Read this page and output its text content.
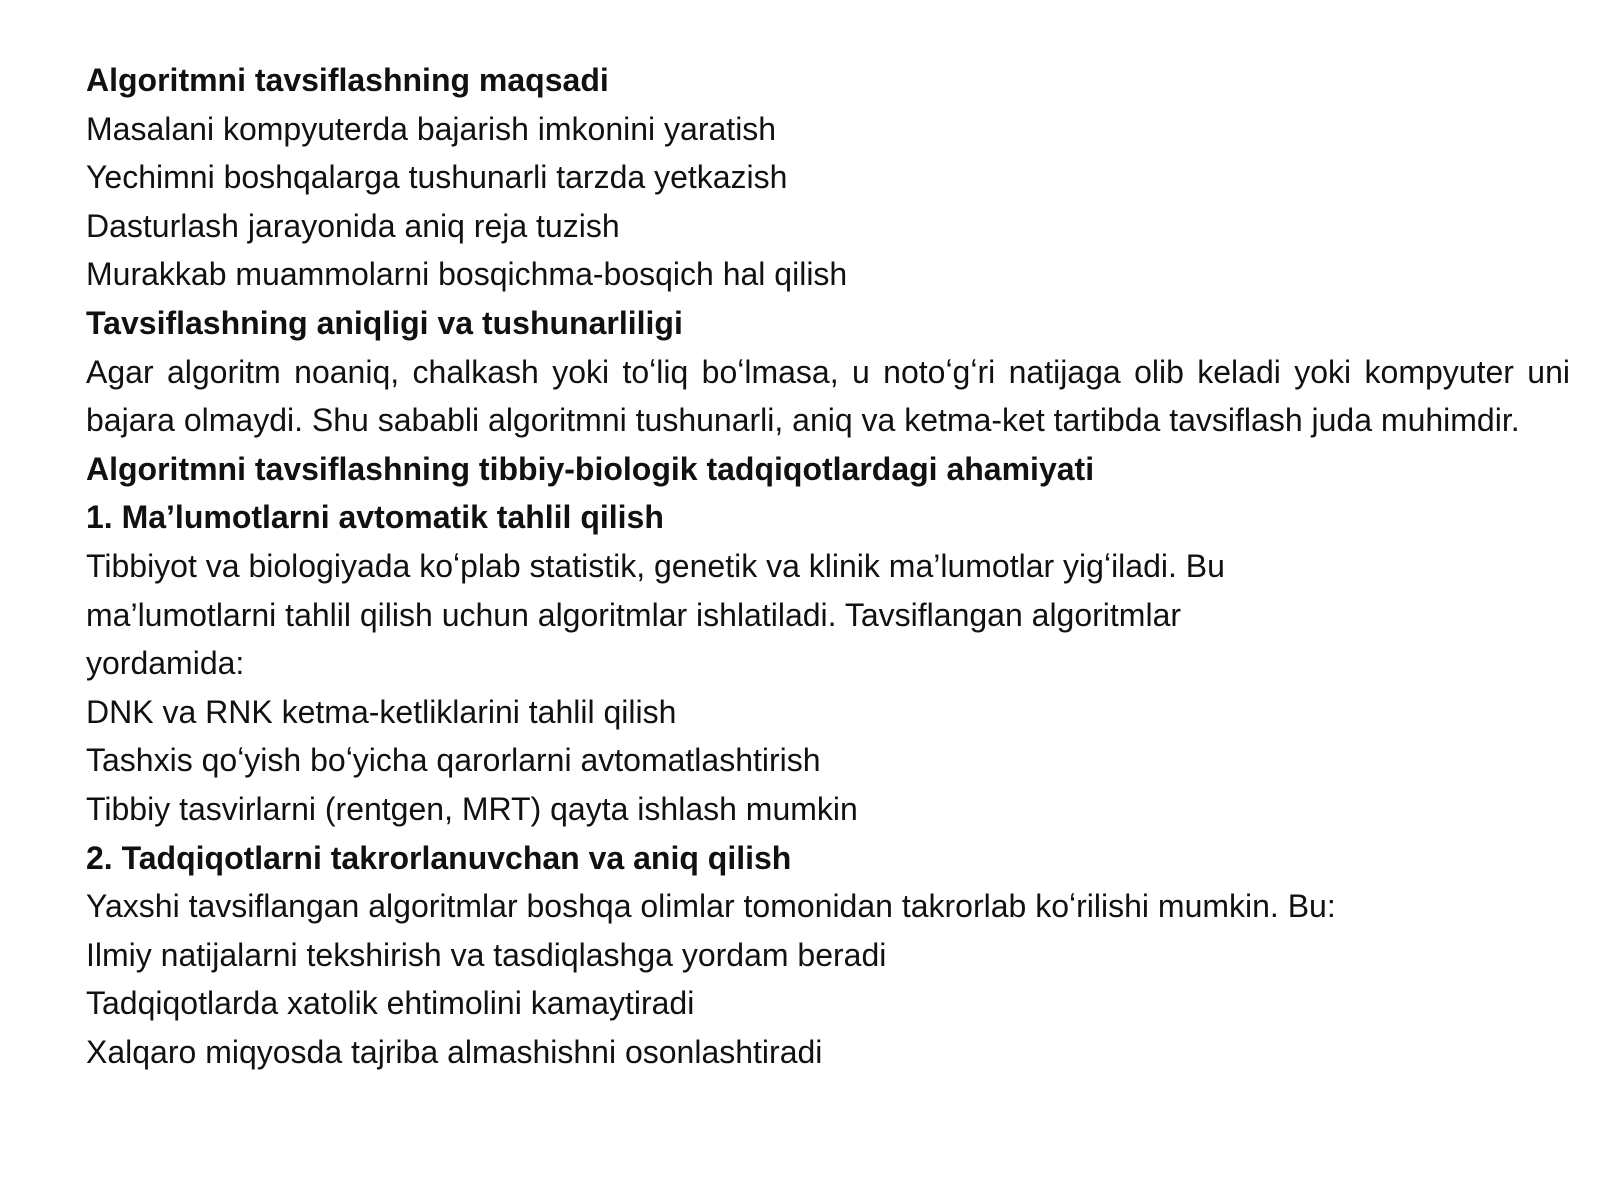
Algoritmni tavsiflashning maqsadi

Masalani kompyuterda bajarish imkonini yaratish

Yechimni boshqalarga tushunarli tarzda yetkazish

Dasturlash jarayonida aniq reja tuzish

Murakkab muammolarni bosqichma-bosqich hal qilish

Tavsiflashning aniqligi va tushunarliligi

Agar algoritm noaniq, chalkash yoki toʻliq boʻlmasa, u notoʻgʻri natijaga olib keladi yoki kompyuter uni bajara olmaydi. Shu sababli algoritmni tushunarli, aniq va ketma-ket tartibda tavsiflash juda muhimdir.

Algoritmni tavsiflashning tibbiy-biologik tadqiqotlardagi ahamiyati

1. Ma’lumotlarni avtomatik tahlil qilish

Tibbiyot va biologiyada koʻplab statistik, genetik va klinik ma’lumotlar yigʻiladi. Bu

ma’lumotlarni tahlil qilish uchun algoritmlar ishlatiladi. Tavsiflangan algoritmlar

yordamida:

DNK va RNK ketma-ketliklarini tahlil qilish

Tashxis qoʻyish boʻyicha qarorlarni avtomatlashtirish

Tibbiy tasvirlarni (rentgen, MRT) qayta ishlash mumkin

2. Tadqiqotlarni takrorlanuvchan va aniq qilish

Yaxshi tavsiflangan algoritmlar boshqa olimlar tomonidan takrorlab koʻrilishi mumkin. Bu:

Ilmiy natijalarni tekshirish va tasdiqlashga yordam beradi

Tadqiqotlarda xatolik ehtimolini kamaytiradi

Xalqaro miqyosda tajriba almashishni osonlashtiradi
